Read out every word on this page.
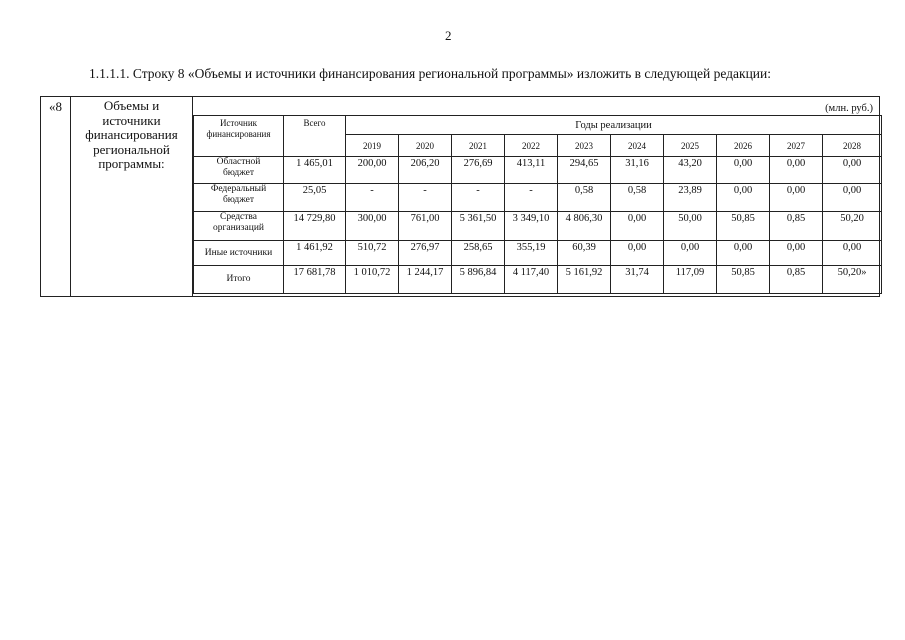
2
1.1.1.1. Строку 8 «Объемы и источники финансирования региональной программы» изложить в следующей редакции:
«8	Объемы и
источники
финансирования
региональной
программы:
(млн. руб.)
Источник
финансирования	Всего	Годы реализации									
		2019	2020	2021	2022	2023	2024	2025	2026	2027	2028

Областной
бюджет	1 465,01	200,00	206,20	276,69	413,11	294,65	31,16	43,20	0,00	0,00	0,00

Федеральный
бюджет	25,05	-	-	-	-	0,58	0,58	23,89	0,00	0,00	0,00

Средства
организаций	14 729,80	300,00	761,00	5 361,50	3 349,10	4 806,30	0,00	50,00	50,85	0,85	50,20

Иные источники	1 461,92	510,72	276,97	258,65	355,19	60,39	0,00	0,00	0,00	0,00	0,00

Итого	17 681,78	1 010,72	1 244,17	5 896,84	4 117,40	5 161,92	31,74	117,09	50,85	0,85	50,20»
